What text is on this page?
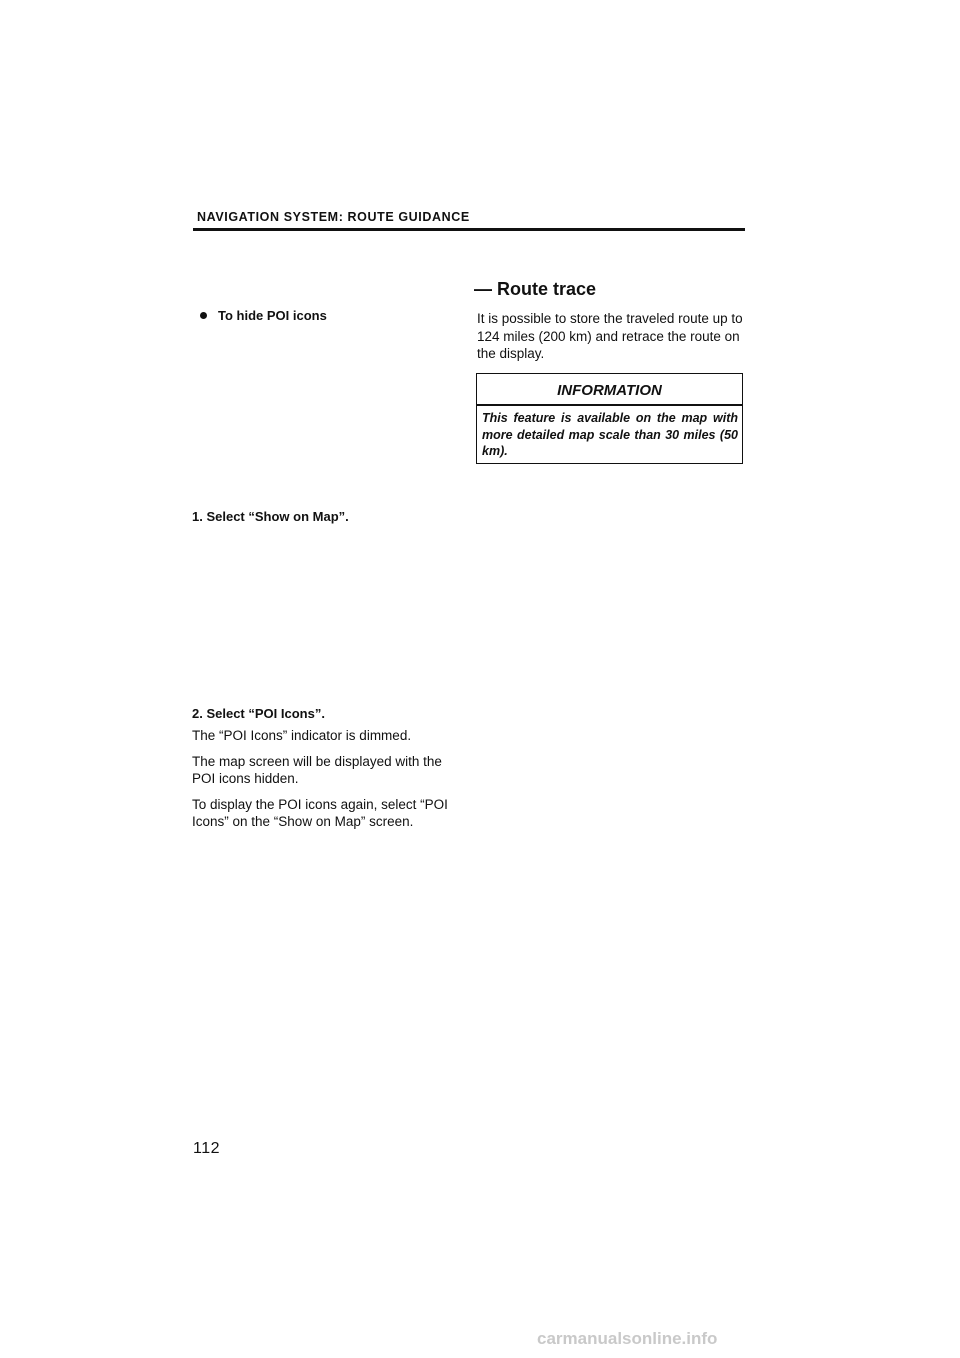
NAVIGATION SYSTEM: ROUTE GUIDANCE
To hide POI icons
1. Select “Show on Map”.
2. Select “POI Icons”.
The “POI Icons” indicator is dimmed.
The map screen will be displayed with the POI icons hidden.
To display the POI icons again, select “POI Icons” on the “Show on Map” screen.
— Route trace
It is possible to store the traveled route up to 124 miles (200 km) and retrace the route on the display.
INFORMATION
This feature is available on the map with more detailed map scale than 30 miles (50 km).
112
carmanualsonline.info
